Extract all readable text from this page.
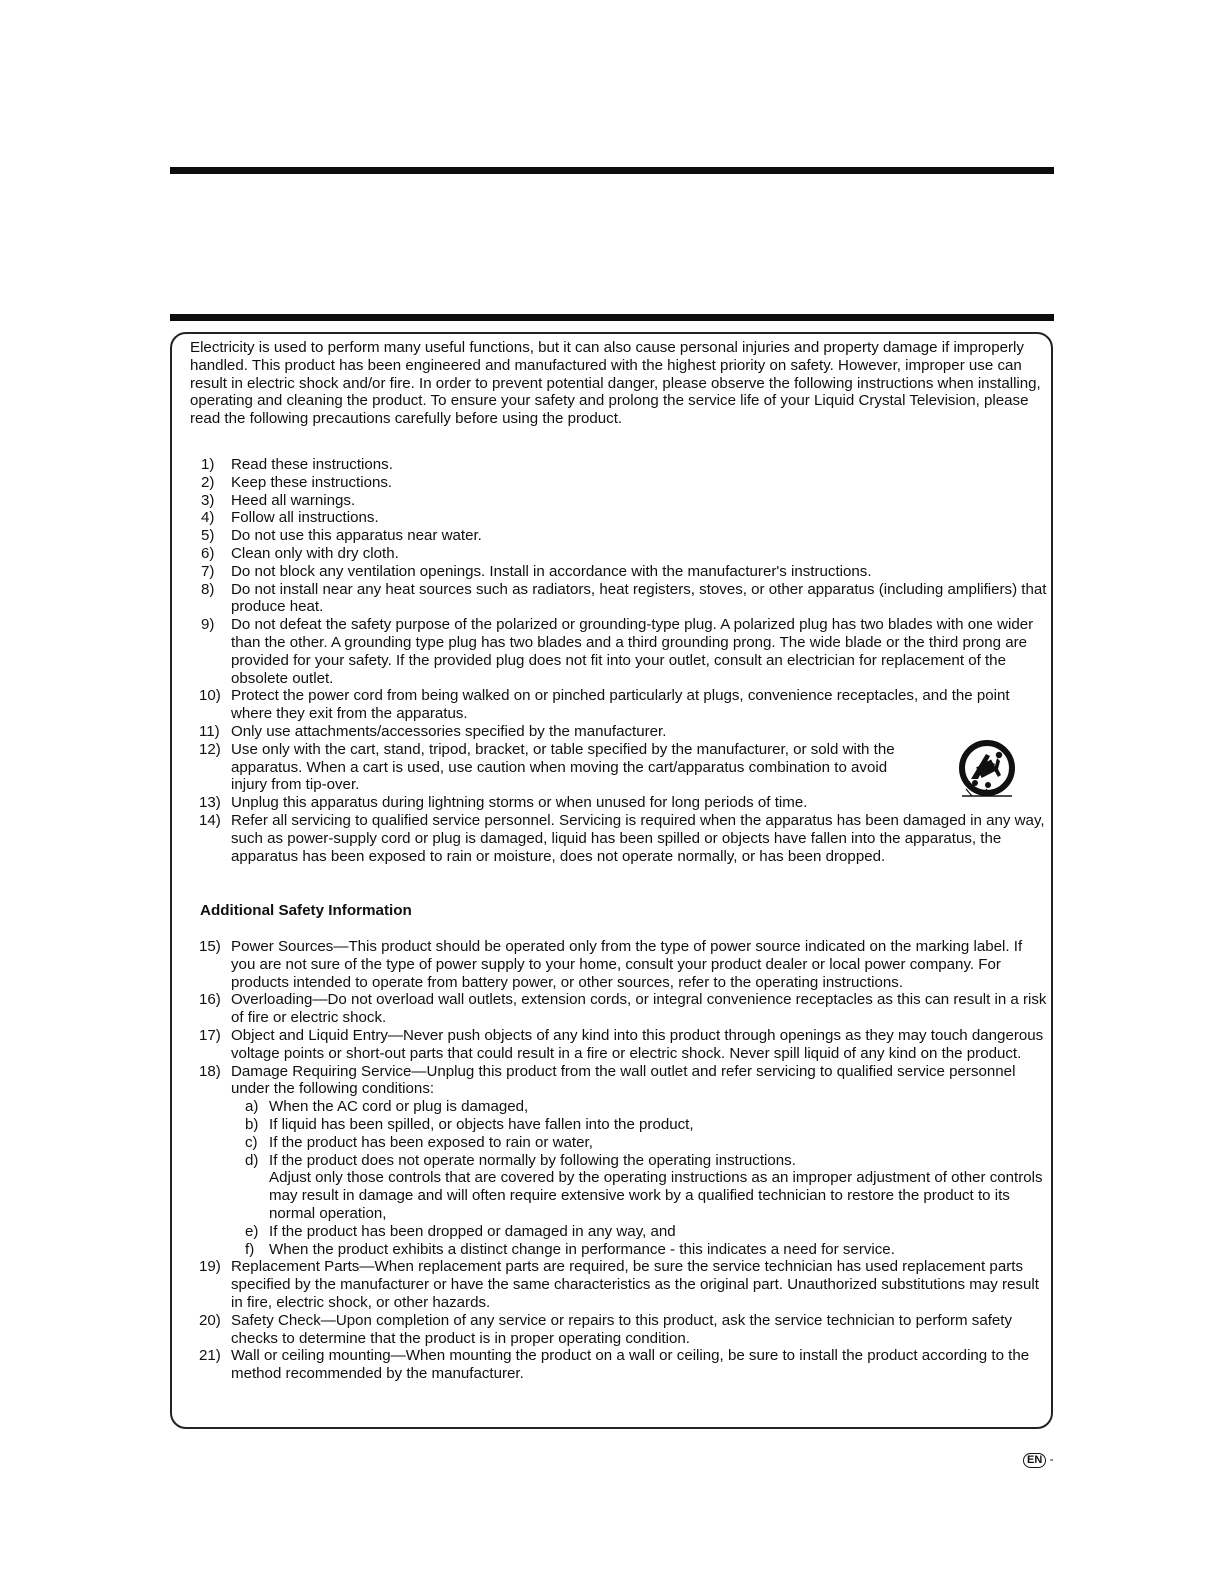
Electricity is used to perform many useful functions, but it can also cause personal injuries and property damage if improperly handled. This product has been engineered and manufactured with the highest priority on safety. However, improper use can result in electric shock and/or fire. In order to prevent potential danger, please observe the following instructions when installing, operating and cleaning the product. To ensure your safety and prolong the service life of your Liquid Crystal Television, please read the following precautions carefully before using the product.

1) Read these instructions.
2) Keep these instructions.
3) Heed all warnings.
4) Follow all instructions.
5) Do not use this apparatus near water.
6) Clean only with dry cloth.
7) Do not block any ventilation openings. Install in accordance with the manufacturer's instructions.
8) Do not install near any heat sources such as radiators, heat registers, stoves, or other apparatus (including amplifiers) that produce heat.
9) Do not defeat the safety purpose of the polarized or grounding-type plug. A polarized plug has two blades with one wider than the other. A grounding type plug has two blades and a third grounding prong. The wide blade or the third prong are provided for your safety. If the provided plug does not fit into your outlet, consult an electrician for replacement of the obsolete outlet.
10) Protect the power cord from being walked on or pinched particularly at plugs, convenience receptacles, and the point where they exit from the apparatus.
11) Only use attachments/accessories specified by the manufacturer.
12) Use only with the cart, stand, tripod, bracket, or table specified by the manufacturer, or sold with the apparatus. When a cart is used, use caution when moving the cart/apparatus combination to avoid injury from tip-over.
13) Unplug this apparatus during lightning storms or when unused for long periods of time.
14) Refer all servicing to qualified service personnel. Servicing is required when the apparatus has been damaged in any way, such as power-supply cord or plug is damaged, liquid has been spilled or objects have fallen into the apparatus, the apparatus has been exposed to rain or moisture, does not operate normally, or has been dropped.
Additional Safety Information
15) Power Sources—This product should be operated only from the type of power source indicated on the marking label. If you are not sure of the type of power supply to your home, consult your product dealer or local power company. For products intended to operate from battery power, or other sources, refer to the operating instructions.
16) Overloading—Do not overload wall outlets, extension cords, or integral convenience receptacles as this can result in a risk of fire or electric shock.
17) Object and Liquid Entry—Never push objects of any kind into this product through openings as they may touch dangerous voltage points or short-out parts that could result in a fire or electric shock. Never spill liquid of any kind on the product.
18) Damage Requiring Service—Unplug this product from the wall outlet and refer servicing to qualified service personnel under the following conditions:
a) When the AC cord or plug is damaged,
b) If liquid has been spilled, or objects have fallen into the product,
c) If the product has been exposed to rain or water,
d) If the product does not operate normally by following the operating instructions.
Adjust only those controls that are covered by the operating instructions as an improper adjustment of other controls may result in damage and will often require extensive work by a qualified technician to restore the product to its normal operation,
e) If the product has been dropped or damaged in any way, and
f) When the product exhibits a distinct change in performance - this indicates a need for service.
19) Replacement Parts—When replacement parts are required, be sure the service technician has used replacement parts specified by the manufacturer or have the same characteristics as the original part. Unauthorized substitutions may result in fire, electric shock, or other hazards.
20) Safety Check—Upon completion of any service or repairs to this product, ask the service technician to perform safety checks to determine that the product is in proper operating condition.
21) Wall or ceiling mounting—When mounting the product on a wall or ceiling, be sure to install the product according to the method recommended by the manufacturer.
EN -
